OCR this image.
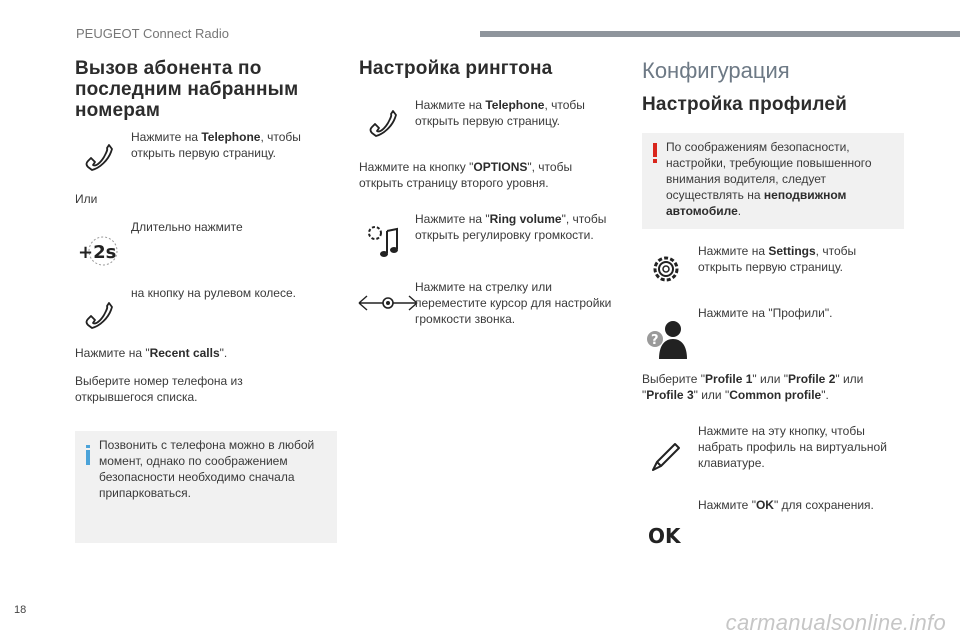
PEUGEOT Connect Radio
Вызов абонента по последним набранным номерам
Нажмите на Telephone, чтобы открыть первую страницу.
Или
+2s
Длительно нажмите
на кнопку на рулевом колесе.
Нажмите на "Recent calls".
Выберите номер телефона из открывшегося списка.
Позвонить с телефона можно в любой момент, однако по соображением безопасности необходимо сначала припарковаться.
Настройка рингтона
Нажмите на Telephone, чтобы открыть первую страницу.
Нажмите на кнопку "OPTIONS", чтобы открыть страницу второго уровня.
Нажмите на "Ring volume", чтобы открыть регулировку громкости.
Нажмите на стрелку или переместите курсор для настройки громкости звонка.
Конфигурация
Настройка профилей
По соображениям безопасности, настройки, требующие повышенного внимания водителя, следует осуществлять на неподвижном автомобиле.
Нажмите на Settings, чтобы открыть первую страницу.
?
Нажмите на "Профили".
Выберите "Profile 1" или "Profile 2" или "Profile 3" или "Common profile".
Нажмите на эту кнопку, чтобы набрать профиль на виртуальной клавиатуре.
OK
Нажмите "OK" для сохранения.
18	carmanualsonline.info
